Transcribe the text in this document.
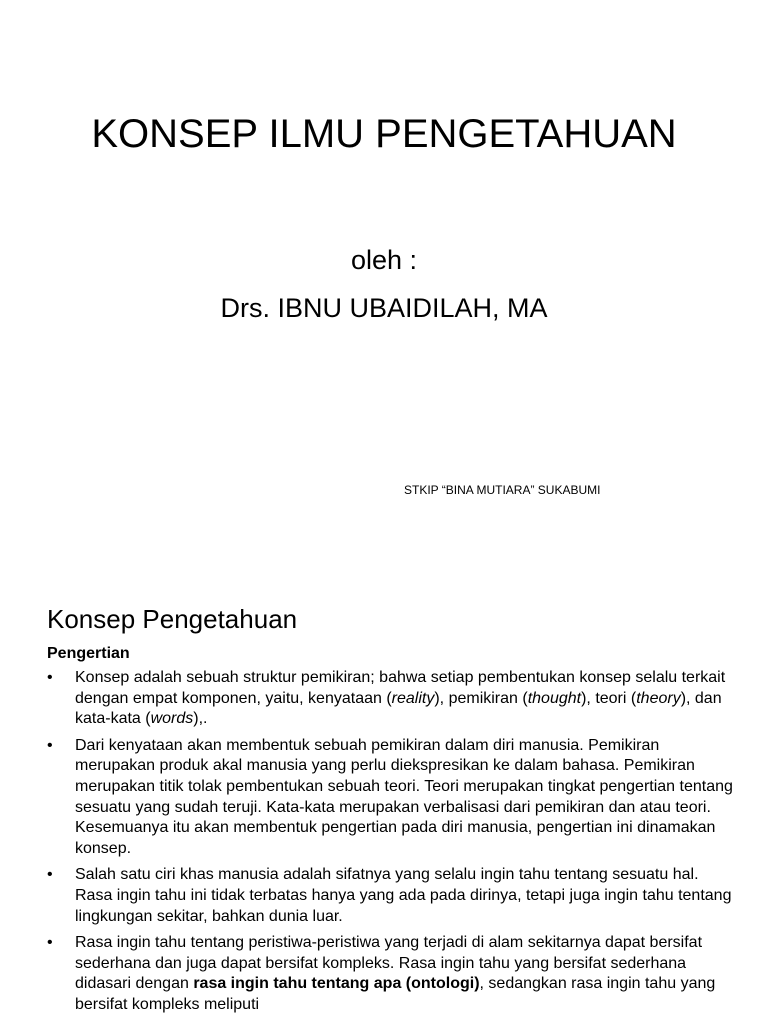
KONSEP ILMU PENGETAHUAN
oleh :
Drs. IBNU UBAIDILAH, MA
STKIP “BINA MUTIARA” SUKABUMI
Konsep Pengetahuan
Pengertian
•	Konsep adalah sebuah struktur pemikiran; bahwa setiap pembentukan konsep selalu terkait dengan empat komponen, yaitu, kenyataan (reality), pemikiran (thought), teori (theory), dan kata-kata (words),.
•	Dari kenyataan akan membentuk sebuah pemikiran dalam diri manusia. Pemikiran merupakan produk akal manusia yang perlu diekspresikan ke dalam bahasa. Pemikiran merupakan titik tolak pembentukan sebuah teori. Teori merupakan tingkat pengertian tentang sesuatu yang sudah teruji. Kata-kata merupakan verbalisasi dari pemikiran dan atau teori. Kesemuanya itu akan membentuk pengertian pada diri manusia, pengertian ini dinamakan konsep.
•	Salah satu ciri khas manusia adalah sifatnya yang selalu ingin tahu tentang sesuatu hal. Rasa ingin tahu ini tidak terbatas hanya yang ada pada dirinya, tetapi juga ingin tahu tentang lingkungan sekitar, bahkan dunia luar.
•	Rasa ingin tahu tentang peristiwa-peristiwa yang terjadi di alam sekitarnya dapat bersifat sederhana dan juga dapat bersifat kompleks. Rasa ingin tahu yang bersifat sederhana didasari dengan rasa ingin tahu tentang apa (ontologi), sedangkan rasa ingin tahu yang bersifat kompleks meliputi
